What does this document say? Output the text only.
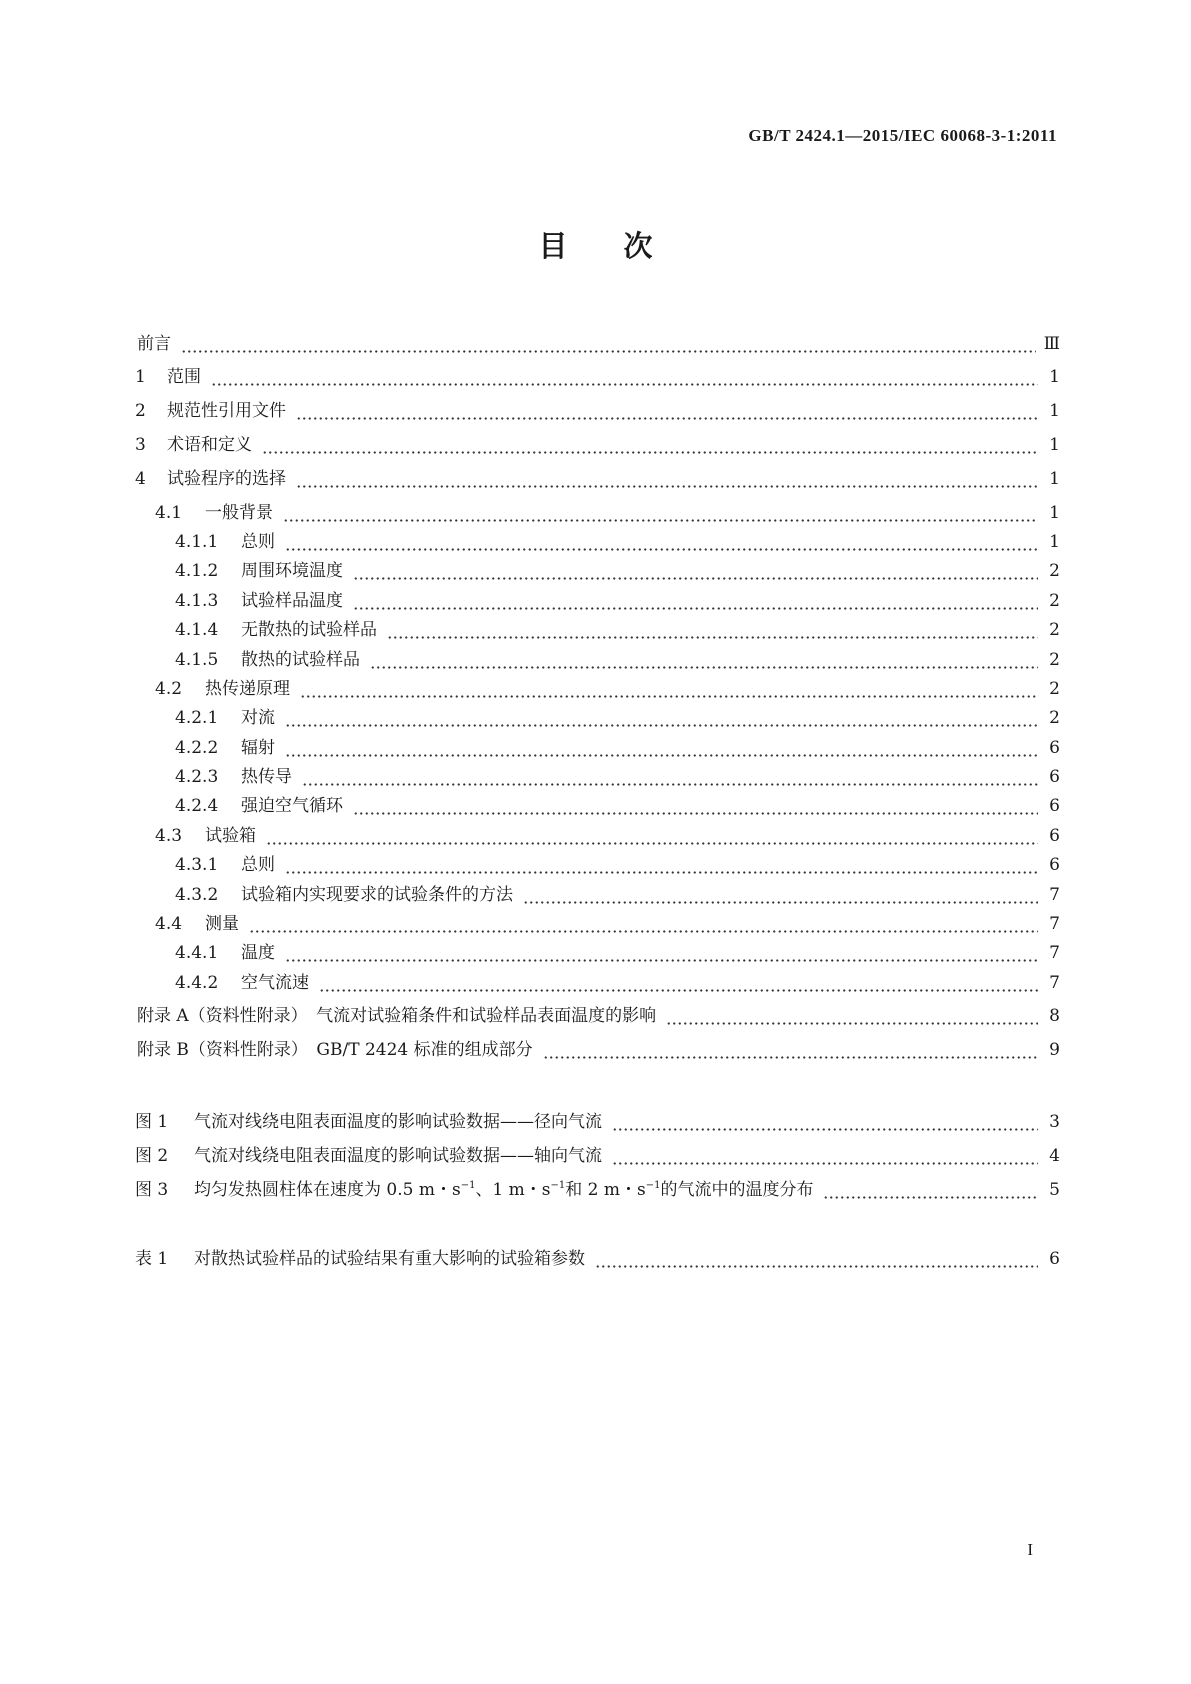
GB/T 2424.1—2015/IEC 60068-3-1:2011
目次
前言	Ⅲ
1	范围	1
2	规范性引用文件	1
3	术语和定义	1
4	试验程序的选择	1
4.1	一般背景	1
4.1.1	总则	1
4.1.2	周围环境温度	2
4.1.3	试验样品温度	2
4.1.4	无散热的试验样品	2
4.1.5	散热的试验样品	2
4.2	热传递原理	2
4.2.1	对流	2
4.2.2	辐射	6
4.2.3	热传导	6
4.2.4	强迫空气循环	6
4.3	试验箱	6
4.3.1	总则	6
4.3.2	试验箱内实现要求的试验条件的方法	7
4.4	测量	7
4.4.1	温度	7
4.4.2	空气流速	7
附录 A（资料性附录）　气流对试验箱条件和试验样品表面温度的影响	8
附录 B（资料性附录）　GB/T 2424 标准的组成部分	9
图 1	气流对线绕电阻表面温度的影响试验数据——径向气流	3
图 2	气流对线绕电阻表面温度的影响试验数据——轴向气流	4
图 3	均匀发热圆柱体在速度为 0.5 m・$s^{-1}$、1 m・$s^{-1}$和 2 m・$s^{-1}$的气流中的温度分布	5
表 1	对散热试验样品的试验结果有重大影响的试验箱参数	6
I
